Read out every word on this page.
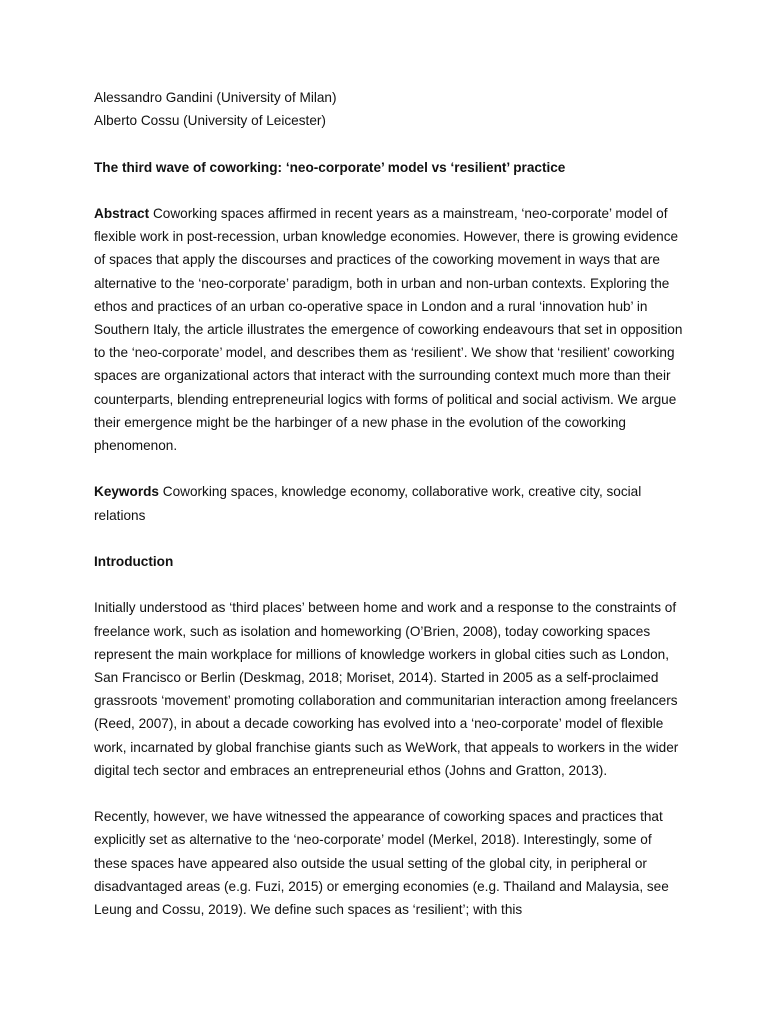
Alessandro Gandini (University of Milan)

Alberto Cossu (University of Leicester)

The third wave of coworking: ‘neo-corporate’ model vs ‘resilient’ practice

Abstract Coworking spaces affirmed in recent years as a mainstream, ‘neo-corporate’ model of flexible work in post-recession, urban knowledge economies. However, there is growing evidence of spaces that apply the discourses and practices of the coworking movement in ways that are alternative to the ‘neo-corporate’ paradigm, both in urban and non-urban contexts. Exploring the ethos and practices of an urban co-operative space in London and a rural ‘innovation hub’ in Southern Italy, the article illustrates the emergence of coworking endeavours that set in opposition to the ‘neo-corporate’ model, and describes them as ‘resilient’. We show that ‘resilient’ coworking spaces are organizational actors that interact with the surrounding context much more than their counterparts, blending entrepreneurial logics with forms of political and social activism. We argue their emergence might be the harbinger of a new phase in the evolution of the coworking phenomenon.

Keywords Coworking spaces, knowledge economy, collaborative work, creative city, social relations

Introduction

Initially understood as ‘third places’ between home and work and a response to the constraints of freelance work, such as isolation and homeworking (O’Brien, 2008), today coworking spaces represent the main workplace for millions of knowledge workers in global cities such as London, San Francisco or Berlin (Deskmag, 2018; Moriset, 2014). Started in 2005 as a self-proclaimed grassroots ‘movement’ promoting collaboration and communitarian interaction among freelancers (Reed, 2007), in about a decade coworking has evolved into a ‘neo-corporate’ model of flexible work, incarnated by global franchise giants such as WeWork, that appeals to workers in the wider digital tech sector and embraces an entrepreneurial ethos (Johns and Gratton, 2013).

Recently, however, we have witnessed the appearance of coworking spaces and practices that explicitly set as alternative to the ‘neo-corporate’ model (Merkel, 2018). Interestingly, some of these spaces have appeared also outside the usual setting of the global city, in peripheral or disadvantaged areas (e.g. Fuzi, 2015) or emerging economies (e.g. Thailand and Malaysia, see Leung and Cossu, 2019). We define such spaces as ‘resilient’; with this
